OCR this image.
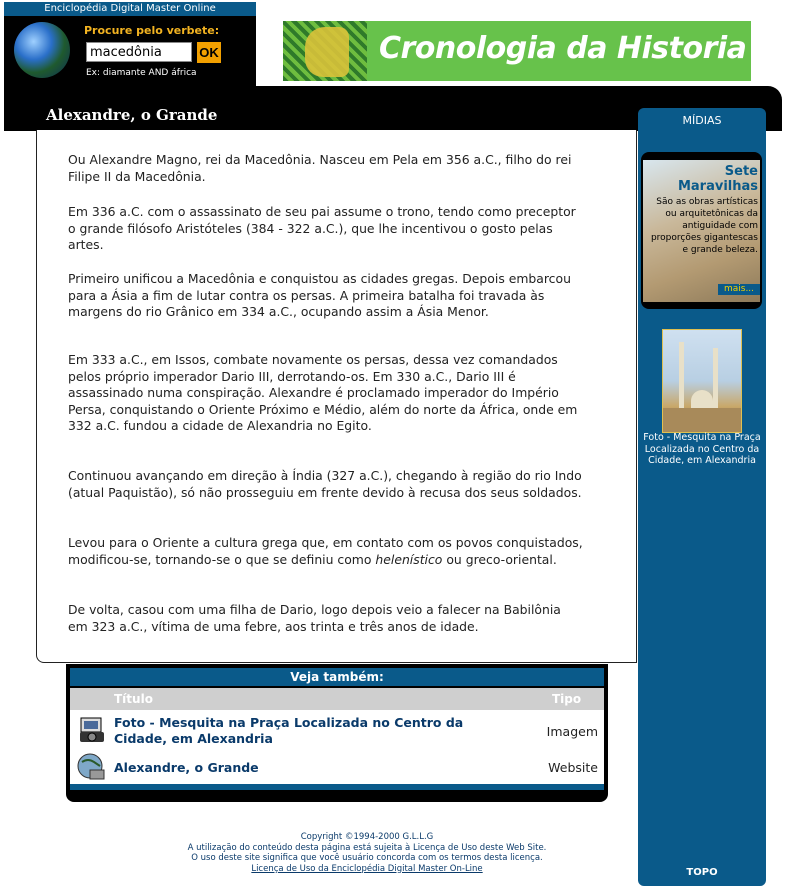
Enciclopédia Digital Master Online
Procure pelo verbete:
macedônia
OK
Ex: diamante AND áfrica
Cronologia da Historia
Alexandre, o Grande

Ou Alexandre Magno, rei da Macedônia. Nasceu em Pela em 356 a.C., filho do rei Filipe II da Macedônia.

Em 336 a.C. com o assassinato de seu pai assume o trono, tendo como preceptor o grande filósofo Aristóteles (384 - 322 a.C.), que lhe incentivou o gosto pelas artes.

Primeiro unificou a Macedônia e conquistou as cidades gregas. Depois embarcou para a Ásia a fim de lutar contra os persas. A primeira batalha foi travada às margens do rio Grânico em 334 a.C., ocupando assim a Ásia Menor.

Em 333 a.C., em Issos, combate novamente os persas, dessa vez comandados pelos próprio imperador Dario III, derrotando-os. Em 330 a.C., Dario III é assassinado numa conspiração. Alexandre é proclamado imperador do Império Persa, conquistando o Oriente Próximo e Médio, além do norte da África, onde em 332 a.C. fundou a cidade de Alexandria no Egito.

Continuou avançando em direção à Índia (327 a.C.), chegando à região do rio Indo (atual Paquistão), só não prosseguiu em frente devido à recusa dos seus soldados.

Levou para o Oriente a cultura grega que, em contato com os povos conquistados, modificou-se, tornando-se o que se definiu como helenístico ou greco-oriental.

De volta, casou com uma filha de Dario, logo depois veio a falecer na Babilônia em 323 a.C., vítima de uma febre, aos trinta e três anos de idade.

MÍDIAS
Sete Maravilhas
São as obras artísticas ou arquitetônicas da antiguidade com proporções gigantescas e grande beleza.
mais...
Foto - Mesquita na Praça Localizada no Centro da Cidade, em Alexandria
TOPO
Veja também:
Título	Tipo
Foto - Mesquita na Praça Localizada no Centro da Cidade, em Alexandria	Imagem
Alexandre, o Grande	Website
Copyright ©1994-2000 G.L.L.G
A utilização do conteúdo desta página está sujeita à Licença de Uso deste Web Site.
O uso deste site significa que você usuário concorda com os termos desta licença.
Licença de Uso da Enciclopédia Digital Master On-Line
